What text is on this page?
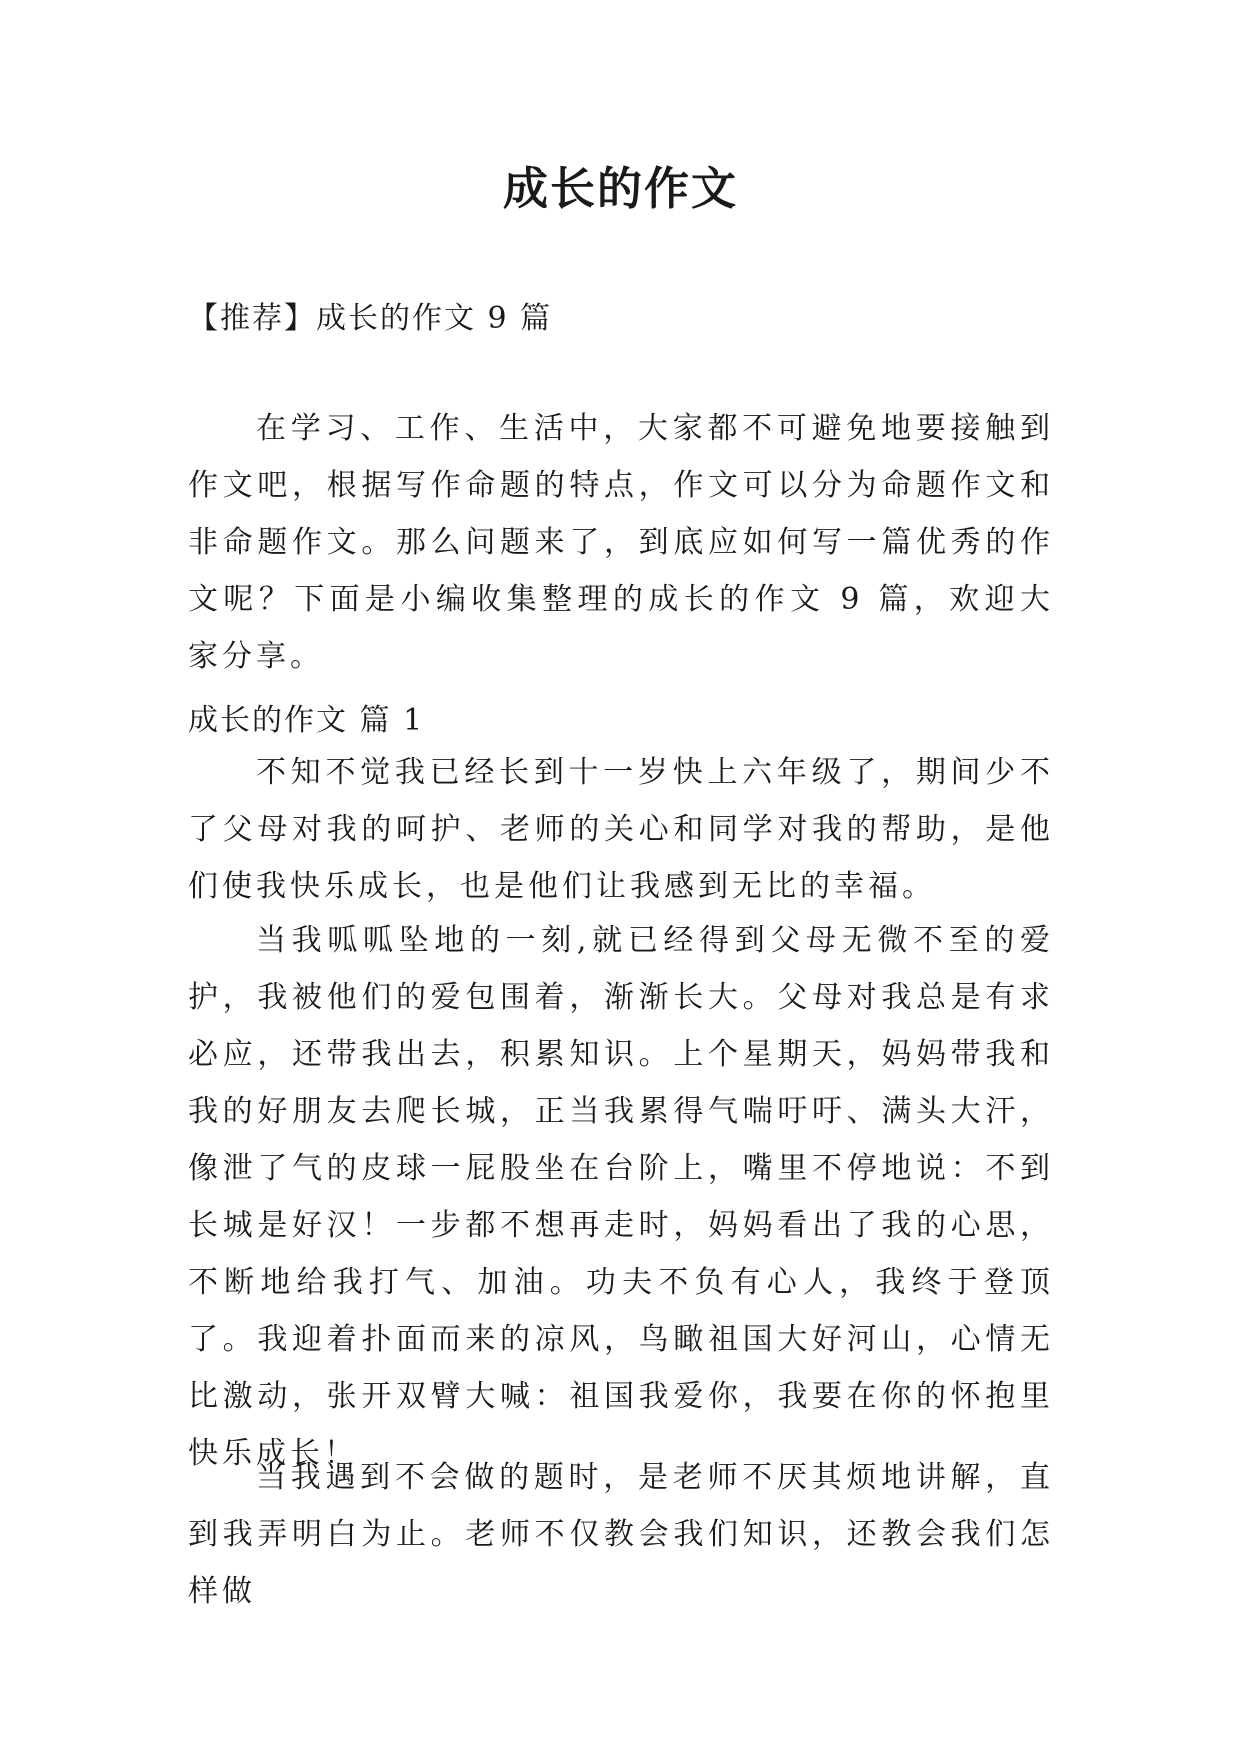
成长的作文

【推荐】成长的作文 9 篇

在学习、工作、生活中，大家都不可避免地要接触到作文吧，根据写作命题的特点，作文可以分为命题作文和非命题作文。那么问题来了，到底应如何写一篇优秀的作文呢？下面是小编收集整理的成长的作文 9 篇，欢迎大家分享。

成长的作文 篇 1

不知不觉我已经长到十一岁快上六年级了，期间少不了父母对我的呵护、老师的关心和同学对我的帮助，是他们使我快乐成长，也是他们让我感到无比的幸福。

当我呱呱坠地的一刻,就已经得到父母无微不至的爱护，我被他们的爱包围着，渐渐长大。父母对我总是有求必应，还带我出去，积累知识。上个星期天，妈妈带我和我的好朋友去爬长城，正当我累得气喘吁吁、满头大汗，像泄了气的皮球一屁股坐在台阶上，嘴里不停地说：不到长城是好汉！一步都不想再走时，妈妈看出了我的心思，不断地给我打气、加油。功夫不负有心人，我终于登顶了。我迎着扑面而来的凉风，鸟瞰祖国大好河山，心情无比激动，张开双臂大喊：祖国我爱你，我要在你的怀抱里快乐成长！

当我遇到不会做的题时，是老师不厌其烦地讲解，直到我弄明白为止。老师不仅教会我们知识，还教会我们怎样做
